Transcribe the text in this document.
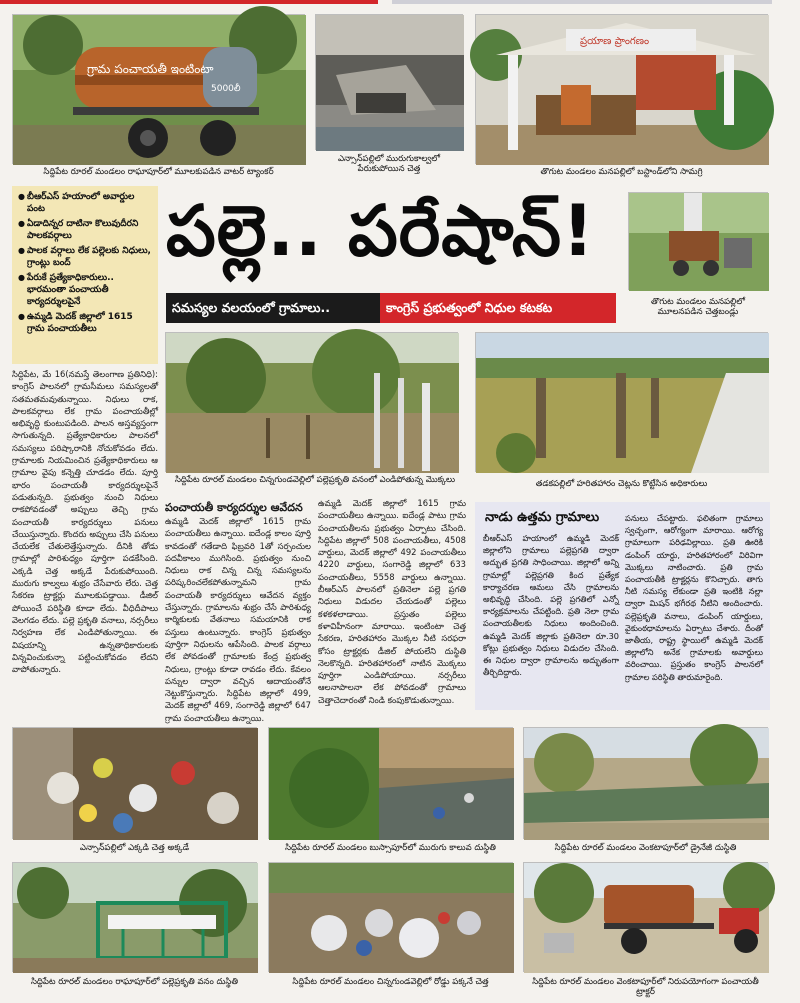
గ్రామ పంచాయతీ ఇంటింటా
5000లీ
సిద్దిపేట రూరల్ మండలం రాఘాపూర్‌లో మూలకుపడిన వాటర్ ట్యాంకర్
ఎన్సాన్‌పల్లిలో మురుగుకాల్వలో పేరుకుపోయిన చెత్త
ప్రయాణ ప్రాంగణం
తొగుట మండలం మనపల్లిలో బస్టాండ్‌లోని సామగ్రి
● బీఆర్ఎస్ హయాంలో అవార్డుల పంట
● ఏడాదిన్నర దాటినా కొలువుదీరని పాలకవర్గాలు
● పాలక వర్గాలు లేక పల్లెలకు నిధులు, గ్రాంట్లు బంద్
● పేరుకే ప్రత్యేకాధికారులు.. భారమంతా పంచాయతీ కార్యదర్శులపైనే
● ఉమ్మడి మెదక్ జిల్లాలో 1615 గ్రామ పంచాయతీలు
పల్లె.. పరేషాన్!
సమస్యల వలయంలో గ్రామాలు..	కాంగ్రెస్ ప్రభుత్వంలో నిధుల కటకట	తొగుట మండలం మనపల్లిలో మూలనపడిన చెత్తబండ్లు
సిద్దిపేట రూరల్ మండలం చిన్నగుండవెల్లిలో పల్లెప్రకృతి వనంలో ఎండిపోతున్న మొక్కలు	తడకపల్లిలో హరితహారం చెట్లను కొట్టేసిన అధికారులు

సిద్దిపేట, మే 16(నమస్తే తెలంగాణ ప్రతినిధి): కాంగ్రెస్ పాలనలో గ్రామసీమలు సమస్యలతో సతమతమవుతున్నాయి. నిధులు రాక, పాలకవర్గాలు లేక గ్రామ పంచాయతీల్లో అభివృద్ధి కుంటుపడింది. పాలన అస్తవ్యస్తంగా సాగుతున్నది. ప్రత్యేకాధికారుల పాలనలో సమస్యలు పరిష్కారానికి నోచుకోవడం లేదు. గ్రామాలకు నియమించిన ప్రత్యేకాధికారులు ఆ గ్రామాల వైపు కన్నెత్తి చూడడం లేదు. పూర్తి భారం పంచాయతీ కార్యదర్శులపైనే పడుతున్నది. ప్రభుత్వం నుంచి నిధులు రాకపోవడంతో అప్పులు తెచ్చి గ్రామ పంచాయతీ కార్యదర్శులు పనులు చేయిస్తున్నారు. కొందరు అప్పులు చేసి పనులు చేయలేక చేతులెత్తేస్తున్నారు. దీనికి తోడు గ్రామాల్లో పారిశుధ్యం పూర్తిగా పడకేసింది. ఎక్కడి చెత్త అక్కడే పేరుకుపోయింది. మురుగు కాల్వలు శుభ్రం చేసేవారు లేరు. చెత్త సేకరణ ట్రాక్టర్లు మూలకుపడ్డాయి. డీజిల్ పోయించే పరిస్థితి కూడా లేదు. వీధిదీపాలు వెలగడం లేదు. పల్లె ప్రకృతి వనాలు, నర్సరీలు నిర్వహణ లేక ఎండిపోతున్నాయి. ఈ విషయాన్ని ఉన్నతాధికారులకు విన్నవించుకున్నా పట్టించుకోవడం లేదని వాపోతున్నారు.

పంచాయతీ కార్యదర్శుల ఆవేదన

ఉమ్మడి మెదక్ జిల్లాలో 1615 గ్రామ పంచాయతీలు ఉన్నాయి. ఐదేండ్ల కాలం పూర్తి కావడంతో గతేడాది ఫిబ్రవరి 1తో సర్పంచుల పదవీకాలం ముగిసింది. ప్రభుత్వం నుంచి నిధులు రాక చిన్న చిన్న సమస్యలను పరిష్కరించలేకపోతున్నామని గ్రామ పంచాయతీ కార్యదర్శులు ఆవేదన వ్యక్తం చేస్తున్నారు. గ్రామాలను శుభ్రం చేసే పారిశుధ్య కార్మికులకు వేతనాలు సమయానికి రాక పస్తులు ఉంటున్నారు. కాంగ్రెస్ ప్రభుత్వం పూర్తిగా నిధులను ఆపేసింది. పాలక వర్గాలు లేక పోవడంతో గ్రామాలకు కేంద్ర ప్రభుత్వ నిధులు, గ్రాంట్లు కూడా రావడం లేదు. కేవలం పన్నుల ద్వారా వచ్చిన ఆదాయంతోనే నెట్టుకొస్తున్నారు. సిద్దిపేట జిల్లాలో 499, మెదక్ జిల్లాలో 469, సంగారెడ్డి జిల్లాలో 647 గ్రామ పంచాయతీలు ఉన్నాయి.

ఉమ్మడి మెదక్ జిల్లాలో 1615 గ్రామ పంచాయతీలు ఉన్నాయి. ఐదేండ్ల పాటు గ్రామ పంచాయతీలను ప్రభుత్వం ఏర్పాటు చేసింది. సిద్దిపేట జిల్లాలో 508 పంచాయతీలు, 4508 వార్డులు, మెదక్ జిల్లాలో 492 పంచాయతీలు 4220 వార్డులు, సంగారెడ్డి జిల్లాలో 633 పంచాయతీలు, 5558 వార్డులు ఉన్నాయి. బీఆర్ఎస్ పాలనలో ప్రతినెలా పల్లె ప్రగతి నిధులు విడుదల చేయడంతో పల్లెలు కళకళలాడాయి. ప్రస్తుతం పల్లెలు కళావిహీనంగా మారాయి. ఇంటింటా చెత్త సేకరణ, హరితహారం మొక్కల నీటి సరఫరా కోసం ట్రాక్టర్లకు డీజిల్ పోయలేని దుస్థితి నెలకొన్నది. హరితహారంలో నాటిన మొక్కలు పూర్తిగా ఎండిపోయాయి. నర్సరీలు ఆలనాపాలనా లేక పోవడంతో గ్రామాలు చెత్తాచెదారంతో నిండి కంపుకొడుతున్నాయి.

నాడు ఉత్తమ గ్రామాలు
బీఆర్ఎస్ హయాంలో ఉమ్మడి మెదక్ జిల్లాలోని గ్రామాలు పల్లెప్రగతి ద్వారా అద్భుత ప్రగతి సాధించాయి. జిల్లాలో అన్ని గ్రామాల్లో పల్లెప్రగతి కింద ప్రత్యేక కార్యాచరణ ఆమలు చేసి గ్రామాలను అభివృద్ధి చేసింది. పల్లె ప్రగతిలో ఎన్నో కార్యక్రమాలను చేపట్టింది. ప్రతి నెలా గ్రామ పంచాయతీలకు నిధులు అందించింది. ఉమ్మడి మెదక్ జిల్లాకు ప్రతినెలా రూ.30 కోట్లు ప్రభుత్వం నిధులు విడుదల చేసింది. ఈ నిధుల ద్వారా గ్రామాలను అద్భుతంగా తీర్చిదిద్దారు.
పనులు చేపట్టారు. ఫలితంగా గ్రామాలు స్వచ్ఛంగా, ఆరోగ్యంగా మారాయి. ఆరోగ్య గ్రామాలుగా పరిఢవిల్లాయి. ప్రతి ఊరికి డంపింగ్ యార్డు, హరితహారంలో విరివిగా మొక్కలు నాటించారు. ప్రతి గ్రామ పంచాయతీకి ట్రాక్టర్లను కొనిచ్చారు. తాగు నీటి సమస్య లేకుండా ప్రతి ఇంటికి నల్లా ద్వారా మిషన్ భగీరథ నీటిని అందించారు. పల్లెప్రకృతి వనాలు, డంపింగ్ యార్డులు, వైకుంఠధామాలను ఏర్పాటు చేశారు. దీంతో జాతీయ, రాష్ట్ర స్థాయిలో ఉమ్మడి మెదక్ జిల్లాలోని అనేక గ్రామాలకు అవార్డులు వరించాయి. ప్రస్తుతం కాంగ్రెస్ పాలనలో గ్రామాల పరిస్థితి తారుమారైంది.
ఎన్సాన్‌పల్లిలో ఎక్కడి చెత్త అక్కడే	సిద్దిపేట రూరల్ మండలం బుస్సాపూర్‌లో మురుగు కాలువ దుస్థితి	సిద్దిపేట రూరల్ మండలం వెంకటాపూర్‌లో డ్రైనేజీ దుస్థితి
సిద్దిపేట రూరల్ మండలం రాఘాపూర్‌లో పల్లెప్రకృతి వనం దుస్థితి	సిద్దిపేట రూరల్ మండలం చిన్నగుండవెల్లిలో రోడ్డు పక్కనే చెత్త	సిద్దిపేట రూరల్ మండలం వెంకటాపూర్‌లో నిరుపయోగంగా పంచాయతీ ట్రాక్టర్
